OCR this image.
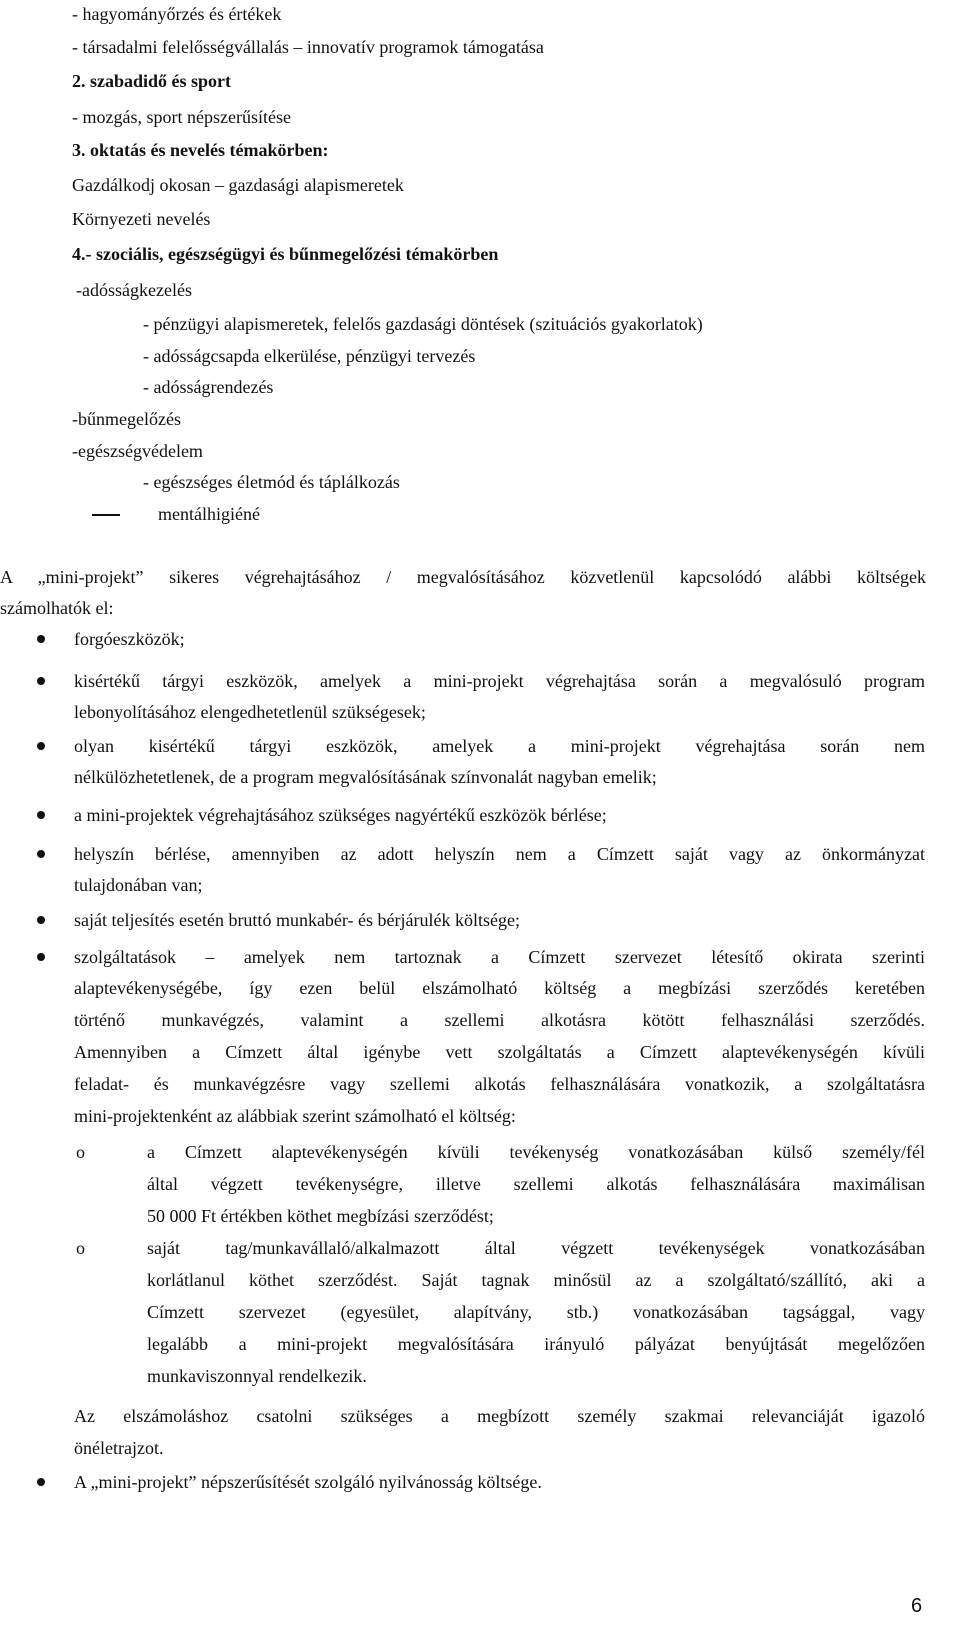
- hagyományőrzés és értékek
- társadalmi felelősségvállalás – innovatív programok támogatása
2. szabadidő és sport
- mozgás, sport népszerűsítése
3. oktatás és nevelés témakörben:
Gazdálkodj okosan – gazdasági alapismeretek
Környezeti nevelés
4.- szociális, egészségügyi és bűnmegelőzési témakörben
-adósságkezelés
- pénzügyi alapismeretek, felelős gazdasági döntések (szituációs gyakorlatok)
- adósságcsapda elkerülése, pénzügyi tervezés
- adósságrendezés
-bűnmegelőzés
-egészségvédelem
- egészséges életmód és táplálkozás
mentálhigiéné
A „mini-projekt” sikeres végrehajtásához / megvalósításához közvetlenül kapcsolódó alábbi költségek
számolhatók el:
forgóeszközök;
kisértékű tárgyi eszközök, amelyek a mini-projekt végrehajtása során a megvalósuló program
lebonyolításához elengedhetetlenül szükségesek;
olyan kisértékű tárgyi eszközök, amelyek a mini-projekt végrehajtása során nem
nélkülözhetetlenek, de a program megvalósításának színvonalát nagyban emelik;
a mini-projektek végrehajtásához szükséges nagyértékű eszközök bérlése;
helyszín bérlése, amennyiben az adott helyszín nem a Címzett saját vagy az önkormányzat
tulajdonában van;
saját teljesítés esetén bruttó munkabér- és bérjárulék költsége;
szolgáltatások – amelyek nem tartoznak a Címzett szervezet létesítő okirata szerinti
alaptevékenységébe, így ezen belül elszámolható költség a megbízási szerződés keretében
történő munkavégzés, valamint a szellemi alkotásra kötött felhasználási szerződés.
Amennyiben a Címzett által igénybe vett szolgáltatás a Címzett alaptevékenységén kívüli
feladat- és munkavégzésre vagy szellemi alkotás felhasználására vonatkozik, a szolgáltatásra
mini-projektenként az alábbiak szerint számolható el költség:
o	a Címzett alaptevékenységén kívüli tevékenység vonatkozásában külső személy/fél
által végzett tevékenységre, illetve szellemi alkotás felhasználására maximálisan
50 000 Ft értékben köthet megbízási szerződést;
o	saját tag/munkavállaló/alkalmazott által végzett tevékenységek vonatkozásában
korlátlanul köthet szerződést. Saját tagnak minősül az a szolgáltató/szállító, aki a
Címzett szervezet (egyesület, alapítvány, stb.) vonatkozásában tagsággal, vagy
legalább a mini-projekt megvalósítására irányuló pályázat benyújtását megelőzően
munkaviszonnyal rendelkezik.
Az elszámoláshoz csatolni szükséges a megbízott személy szakmai relevanciáját igazoló
önéletrajzot.
A „mini-projekt” népszerűsítését szolgáló nyilvánosság költsége.
6
